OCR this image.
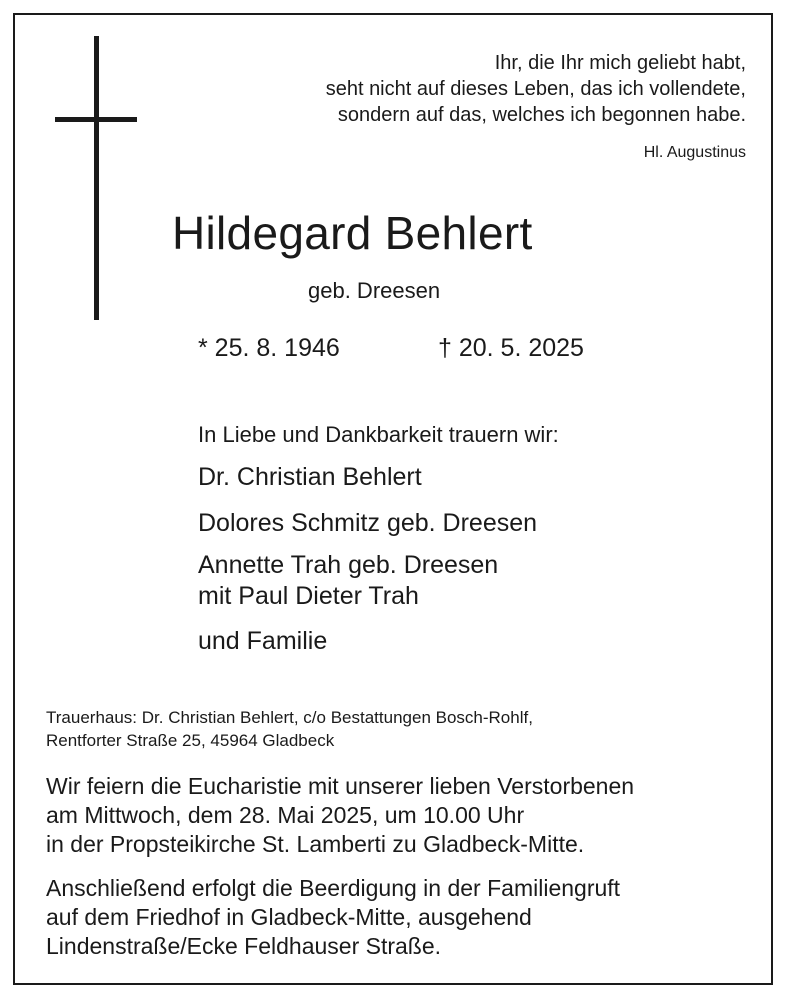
Ihr, die Ihr mich geliebt habt,
seht nicht auf dieses Leben, das ich vollendete,
sondern auf das, welches ich begonnen habe.
Hl. Augustinus
Hildegard Behlert
geb. Dreesen
* 25. 8. 1946	† 20. 5. 2025
In Liebe und Dankbarkeit trauern wir:
Dr. Christian Behlert
Dolores Schmitz geb. Dreesen
Annette Trah geb. Dreesen
mit Paul Dieter Trah
und Familie
Trauerhaus: Dr. Christian Behlert, c/o Bestattungen Bosch-Rohlf,
Rentforter Straße 25, 45964 Gladbeck
Wir feiern die Eucharistie mit unserer lieben Verstorbenen
am Mittwoch, dem 28. Mai 2025, um 10.00 Uhr
in der Propsteikirche St. Lamberti zu Gladbeck-Mitte.
Anschließend erfolgt die Beerdigung in der Familiengruft
auf dem Friedhof in Gladbeck-Mitte, ausgehend
Lindenstraße/Ecke Feldhauser Straße.
